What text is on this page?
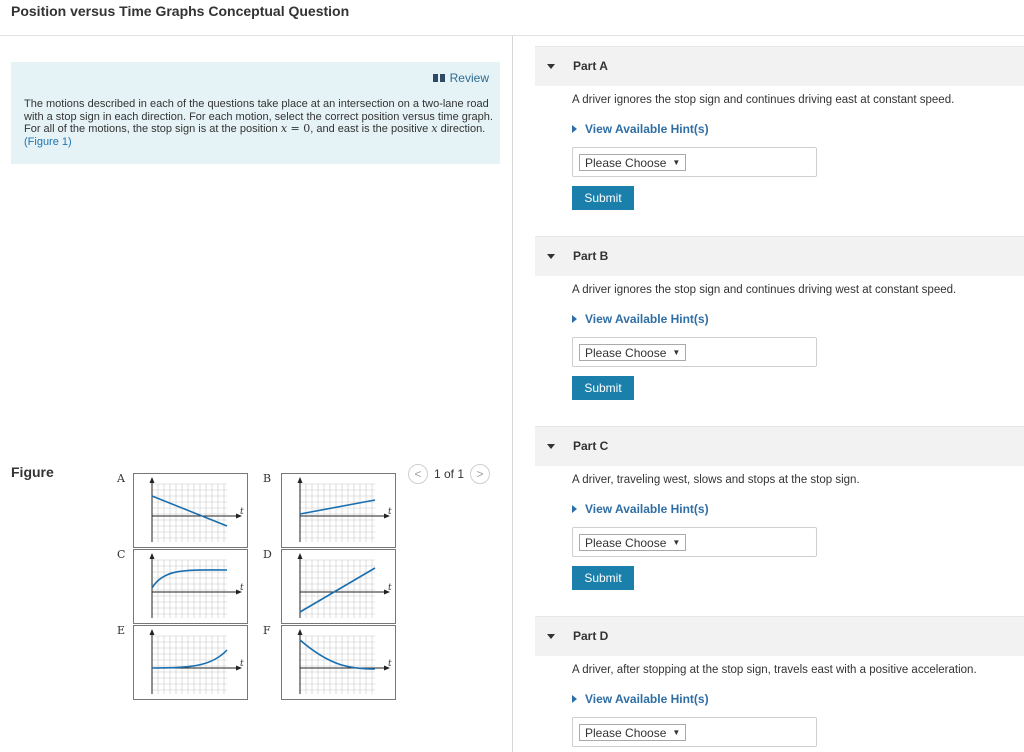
Position versus Time Graphs Conceptual Question
Review
The motions described in each of the questions take place at an intersection on a two-lane road with a stop sign in each direction. For each motion, select the correct position versus time graph. For all of the motions, the stop sign is at the position x = 0, and east is the positive x direction.(Figure 1)
Figure	<	1 of 1	>
A
t
B
t
C
t
D
t
E
t
F
t
Part A
A driver ignores the stop sign and continues driving east at constant speed.
View Available Hint(s)
Please Choose ▼
Submit
Part B
A driver ignores the stop sign and continues driving west at constant speed.
View Available Hint(s)
Please Choose ▼
Submit
Part C
A driver, traveling west, slows and stops at the stop sign.
View Available Hint(s)
Please Choose ▼
Submit
Part D
A driver, after stopping at the stop sign, travels east with a positive acceleration.
View Available Hint(s)
Please Choose ▼
